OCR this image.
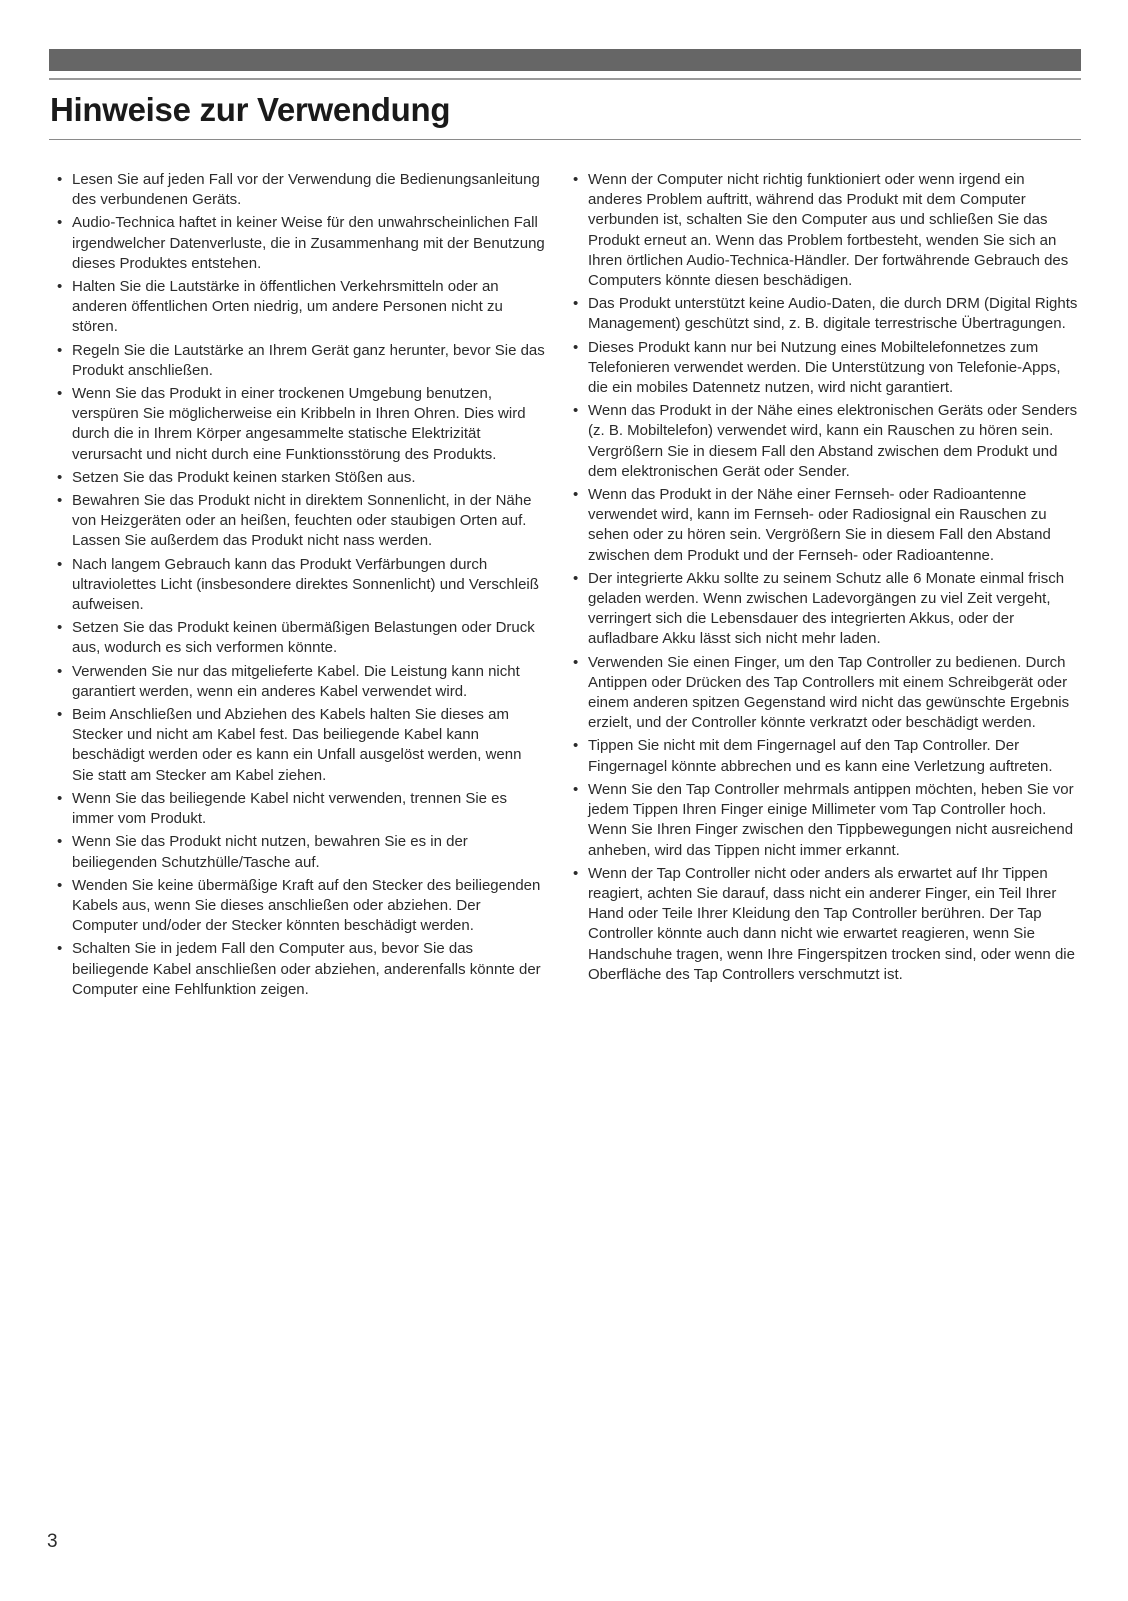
Hinweise zur Verwendung
• Lesen Sie auf jeden Fall vor der Verwendung die Bedienungsanleitung des verbundenen Geräts.
• Audio-Technica haftet in keiner Weise für den unwahrscheinlichen Fall irgendwelcher Datenverluste, die in Zusammenhang mit der Benutzung dieses Produktes entstehen.
• Halten Sie die Lautstärke in öffentlichen Verkehrsmitteln oder an anderen öffentlichen Orten niedrig, um andere Personen nicht zu stören.
• Regeln Sie die Lautstärke an Ihrem Gerät ganz herunter, bevor Sie das Produkt anschließen.
• Wenn Sie das Produkt in einer trockenen Umgebung benutzen, verspüren Sie möglicherweise ein Kribbeln in Ihren Ohren. Dies wird durch die in Ihrem Körper angesammelte statische Elektrizität verursacht und nicht durch eine Funktionsstörung des Produkts.
• Setzen Sie das Produkt keinen starken Stößen aus.
• Bewahren Sie das Produkt nicht in direktem Sonnenlicht, in der Nähe von Heizgeräten oder an heißen, feuchten oder staubigen Orten auf. Lassen Sie außerdem das Produkt nicht nass werden.
• Nach langem Gebrauch kann das Produkt Verfärbungen durch ultraviolettes Licht (insbesondere direktes Sonnenlicht) und Verschleiß aufweisen.
• Setzen Sie das Produkt keinen übermäßigen Belastungen oder Druck aus, wodurch es sich verformen könnte.
• Verwenden Sie nur das mitgelieferte Kabel. Die Leistung kann nicht garantiert werden, wenn ein anderes Kabel verwendet wird.
• Beim Anschließen und Abziehen des Kabels halten Sie dieses am Stecker und nicht am Kabel fest. Das beiliegende Kabel kann beschädigt werden oder es kann ein Unfall ausgelöst werden, wenn Sie statt am Stecker am Kabel ziehen.
• Wenn Sie das beiliegende Kabel nicht verwenden, trennen Sie es immer vom Produkt.
• Wenn Sie das Produkt nicht nutzen, bewahren Sie es in der beiliegenden Schutzhülle/Tasche auf.
• Wenden Sie keine übermäßige Kraft auf den Stecker des beiliegenden Kabels aus, wenn Sie dieses anschließen oder abziehen. Der Computer und/oder der Stecker könnten beschädigt werden.
• Schalten Sie in jedem Fall den Computer aus, bevor Sie das beiliegende Kabel anschließen oder abziehen, anderenfalls könnte der Computer eine Fehlfunktion zeigen.
• Wenn der Computer nicht richtig funktioniert oder wenn irgend ein anderes Problem auftritt, während das Produkt mit dem Computer verbunden ist, schalten Sie den Computer aus und schließen Sie das Produkt erneut an. Wenn das Problem fortbesteht, wenden Sie sich an Ihren örtlichen Audio-Technica-Händler. Der fortwährende Gebrauch des Computers könnte diesen beschädigen.
• Das Produkt unterstützt keine Audio-Daten, die durch DRM (Digital Rights Management) geschützt sind, z. B. digitale terrestrische Übertragungen.
• Dieses Produkt kann nur bei Nutzung eines Mobiltelefonnetzes zum Telefonieren verwendet werden. Die Unterstützung von Telefonie-Apps, die ein mobiles Datennetz nutzen, wird nicht garantiert.
• Wenn das Produkt in der Nähe eines elektronischen Geräts oder Senders (z. B. Mobiltelefon) verwendet wird, kann ein Rauschen zu hören sein. Vergrößern Sie in diesem Fall den Abstand zwischen dem Produkt und dem elektronischen Gerät oder Sender.
• Wenn das Produkt in der Nähe einer Fernseh- oder Radioantenne verwendet wird, kann im Fernseh- oder Radiosignal ein Rauschen zu sehen oder zu hören sein. Vergrößern Sie in diesem Fall den Abstand zwischen dem Produkt und der Fernseh- oder Radioantenne.
• Der integrierte Akku sollte zu seinem Schutz alle 6 Monate einmal frisch geladen werden. Wenn zwischen Ladevorgängen zu viel Zeit vergeht, verringert sich die Lebensdauer des integrierten Akkus, oder der aufladbare Akku lässt sich nicht mehr laden.
• Verwenden Sie einen Finger, um den Tap Controller zu bedienen. Durch Antippen oder Drücken des Tap Controllers mit einem Schreibgerät oder einem anderen spitzen Gegenstand wird nicht das gewünschte Ergebnis erzielt, und der Controller könnte verkratzt oder beschädigt werden.
• Tippen Sie nicht mit dem Fingernagel auf den Tap Controller. Der Fingernagel könnte abbrechen und es kann eine Verletzung auftreten.
• Wenn Sie den Tap Controller mehrmals antippen möchten, heben Sie vor jedem Tippen Ihren Finger einige Millimeter vom Tap Controller hoch. Wenn Sie Ihren Finger zwischen den Tippbewegungen nicht ausreichend anheben, wird das Tippen nicht immer erkannt.
• Wenn der Tap Controller nicht oder anders als erwartet auf Ihr Tippen reagiert, achten Sie darauf, dass nicht ein anderer Finger, ein Teil Ihrer Hand oder Teile Ihrer Kleidung den Tap Controller berühren. Der Tap Controller könnte auch dann nicht wie erwartet reagieren, wenn Sie Handschuhe tragen, wenn Ihre Fingerspitzen trocken sind, oder wenn die Oberfläche des Tap Controllers verschmutzt ist.
3
